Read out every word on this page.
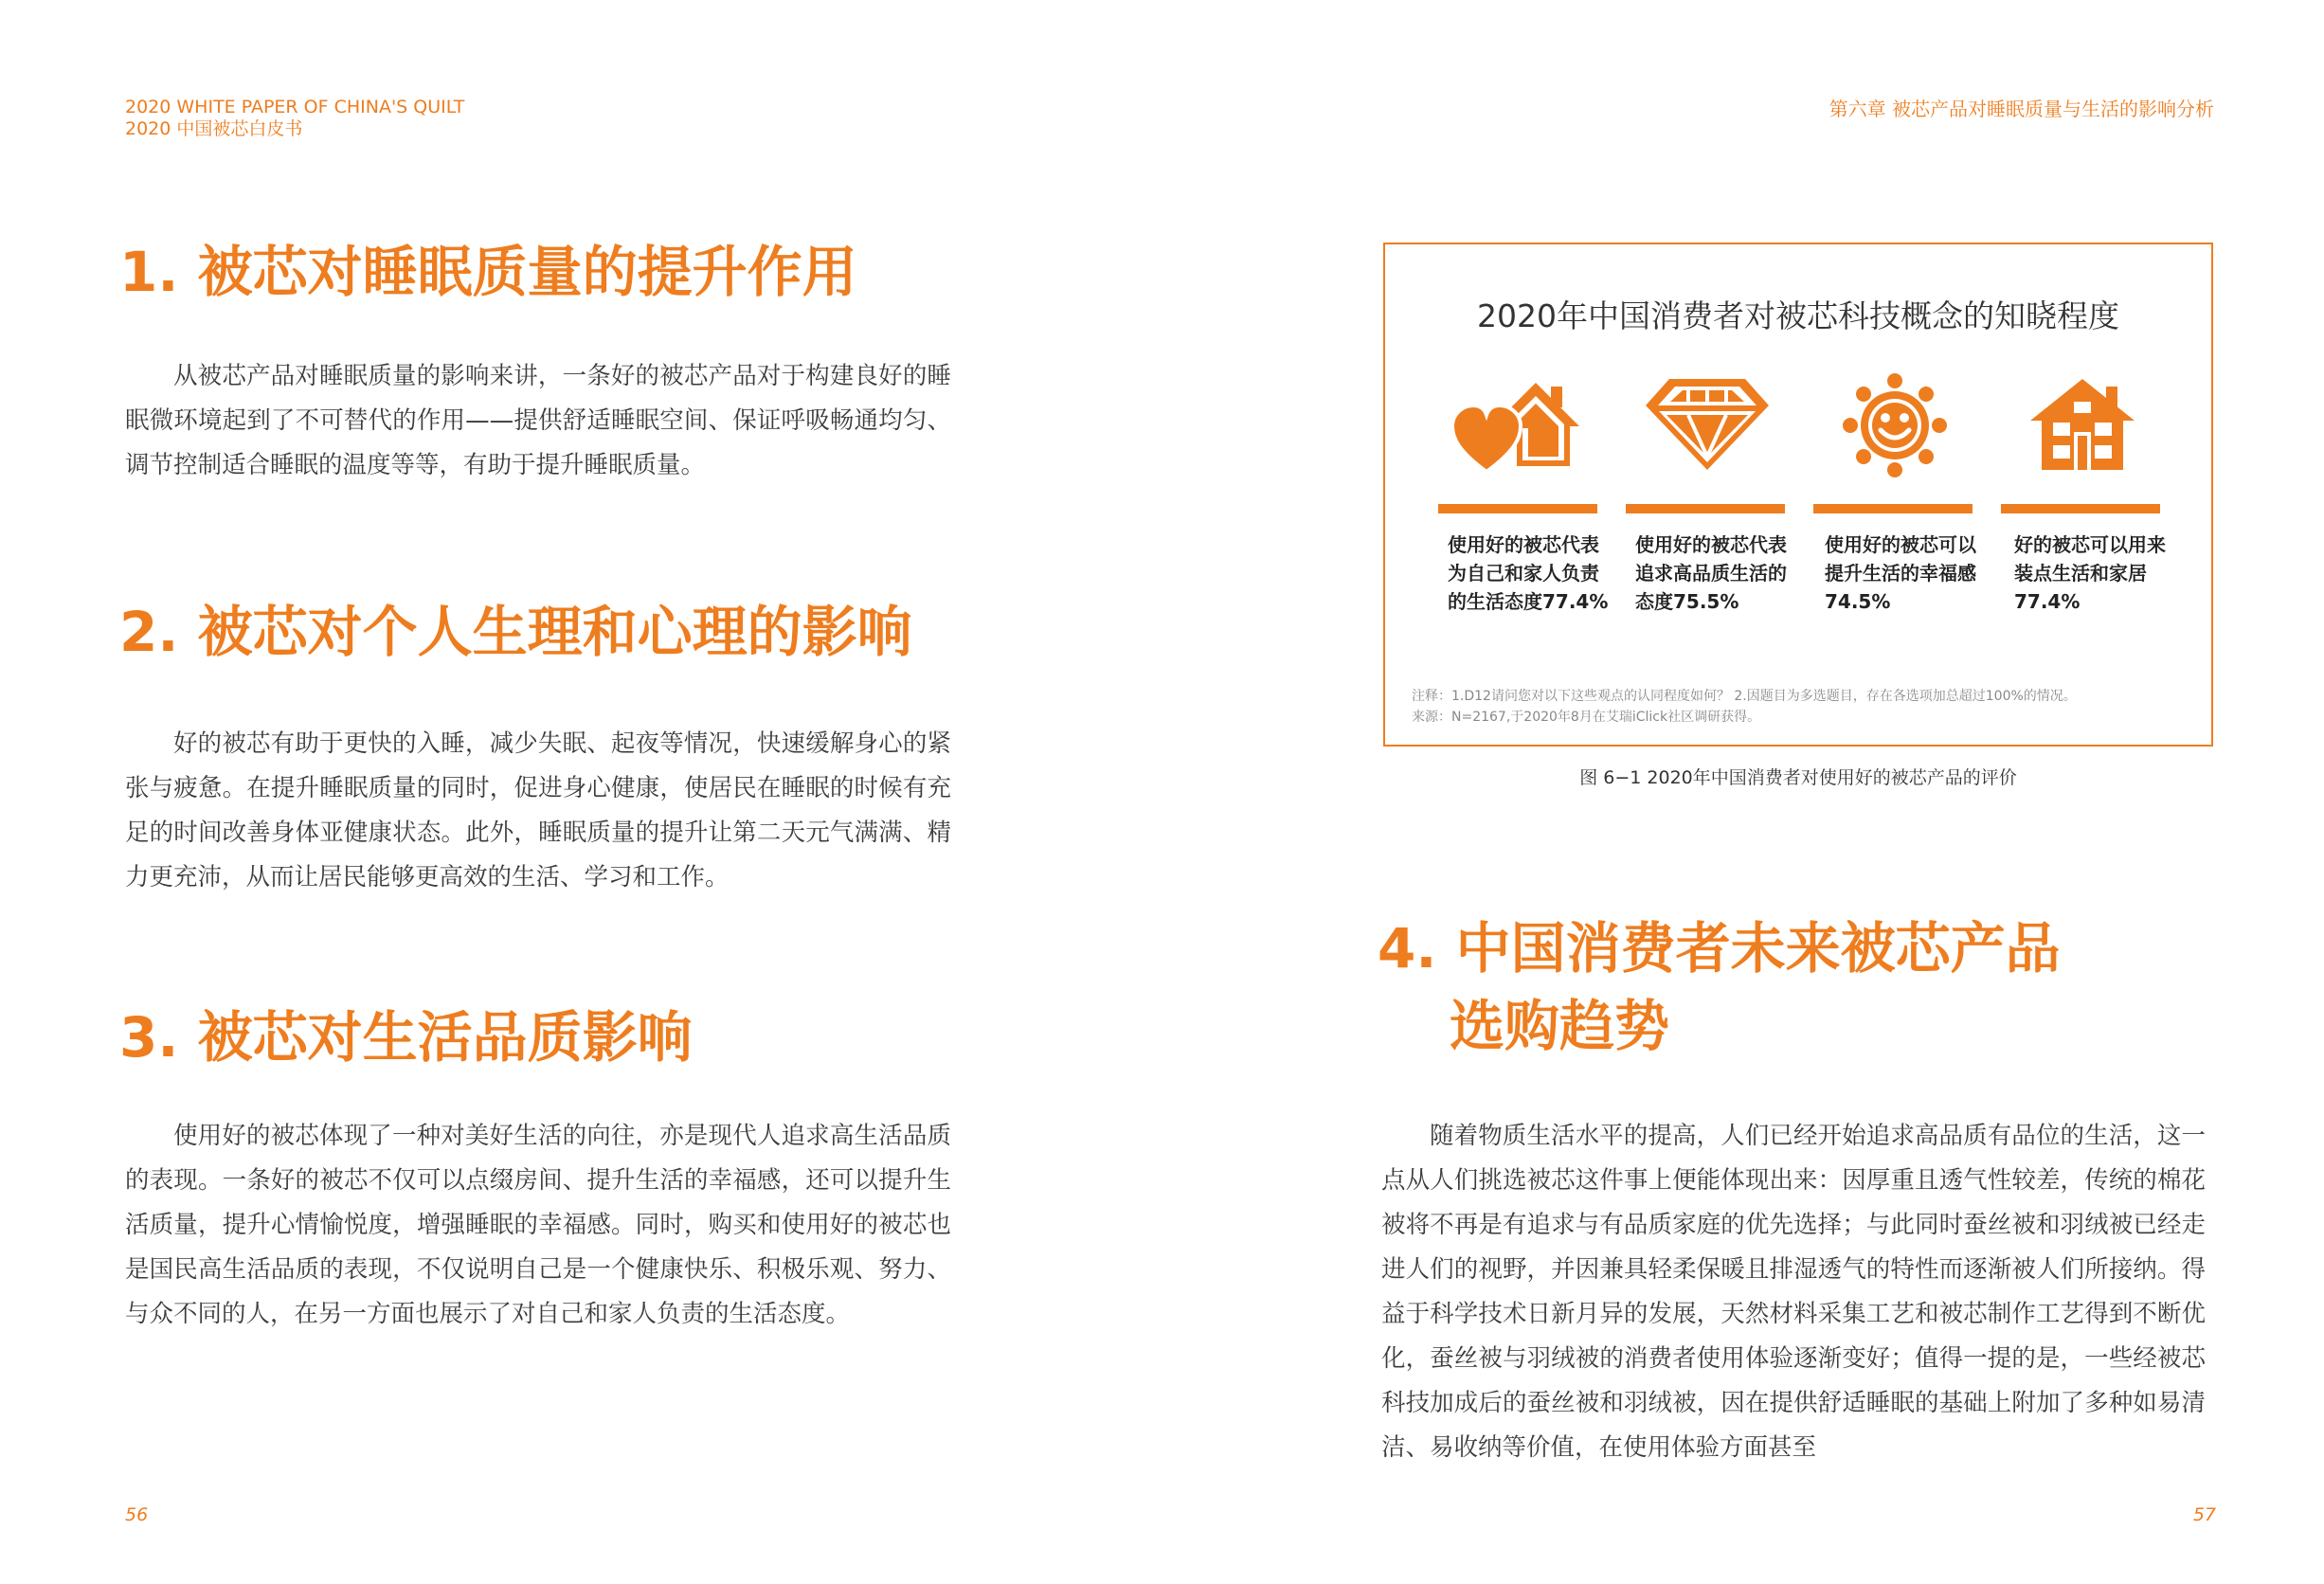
2020 WHITE PAPER OF CHINA'S QUILT
2020 中国被芯白皮书
第六章 被芯产品对睡眠质量与生活的影响分析
1. 被芯对睡眠质量的提升作用

从被芯产品对睡眠质量的影响来讲，一条好的被芯产品对于构建良好的睡眠微环境起到了不可替代的作用——提供舒适睡眠空间、保证呼吸畅通均匀、调节控制适合睡眠的温度等等，有助于提升睡眠质量。

2. 被芯对个人生理和心理的影响

好的被芯有助于更快的入睡，减少失眠、起夜等情况，快速缓解身心的紧张与疲惫。在提升睡眠质量的同时，促进身心健康，使居民在睡眠的时候有充足的时间改善身体亚健康状态。此外，睡眠质量的提升让第二天元气满满、精力更充沛，从而让居民能够更高效的生活、学习和工作。

3. 被芯对生活品质影响

使用好的被芯体现了一种对美好生活的向往，亦是现代人追求高生活品质的表现。一条好的被芯不仅可以点缀房间、提升生活的幸福感，还可以提升生活质量，提升心情愉悦度，增强睡眠的幸福感。同时，购买和使用好的被芯也是国民高生活品质的表现，不仅说明自己是一个健康快乐、积极乐观、努力、与众不同的人，在另一方面也展示了对自己和家人负责的生活态度。

2020年中国消费者对被芯科技概念的知晓程度
使用好的被芯代表为自己和家人负责的生活态度77.4%
使用好的被芯代表追求高品质生活的态度75.5%
使用好的被芯可以提升生活的幸福感74.5%
好的被芯可以用来装点生活和家居77.4%
注释：1.D12请问您对以下这些观点的认同程度如何？ 2.因题目为多选题目，存在各选项加总超过100%的情况。
来源：N=2167,于2020年8月在艾瑞iClick社区调研获得。
图 6−1 2020年中国消费者对使用好的被芯产品的评价
4. 中国消费者未来被芯产品
选购趋势

随着物质生活水平的提高，人们已经开始追求高品质有品位的生活，这一点从人们挑选被芯这件事上便能体现出来：因厚重且透气性较差，传统的棉花被将不再是有追求与有品质家庭的优先选择；与此同时蚕丝被和羽绒被已经走进人们的视野，并因兼具轻柔保暖且排湿透气的特性而逐渐被人们所接纳。得益于科学技术日新月异的发展，天然材料采集工艺和被芯制作工艺得到不断优化，蚕丝被与羽绒被的消费者使用体验逐渐变好；值得一提的是，一些经被芯科技加成后的蚕丝被和羽绒被，因在提供舒适睡眠的基础上附加了多种如易清洁、易收纳等价值，在使用体验方面甚至

56	57
